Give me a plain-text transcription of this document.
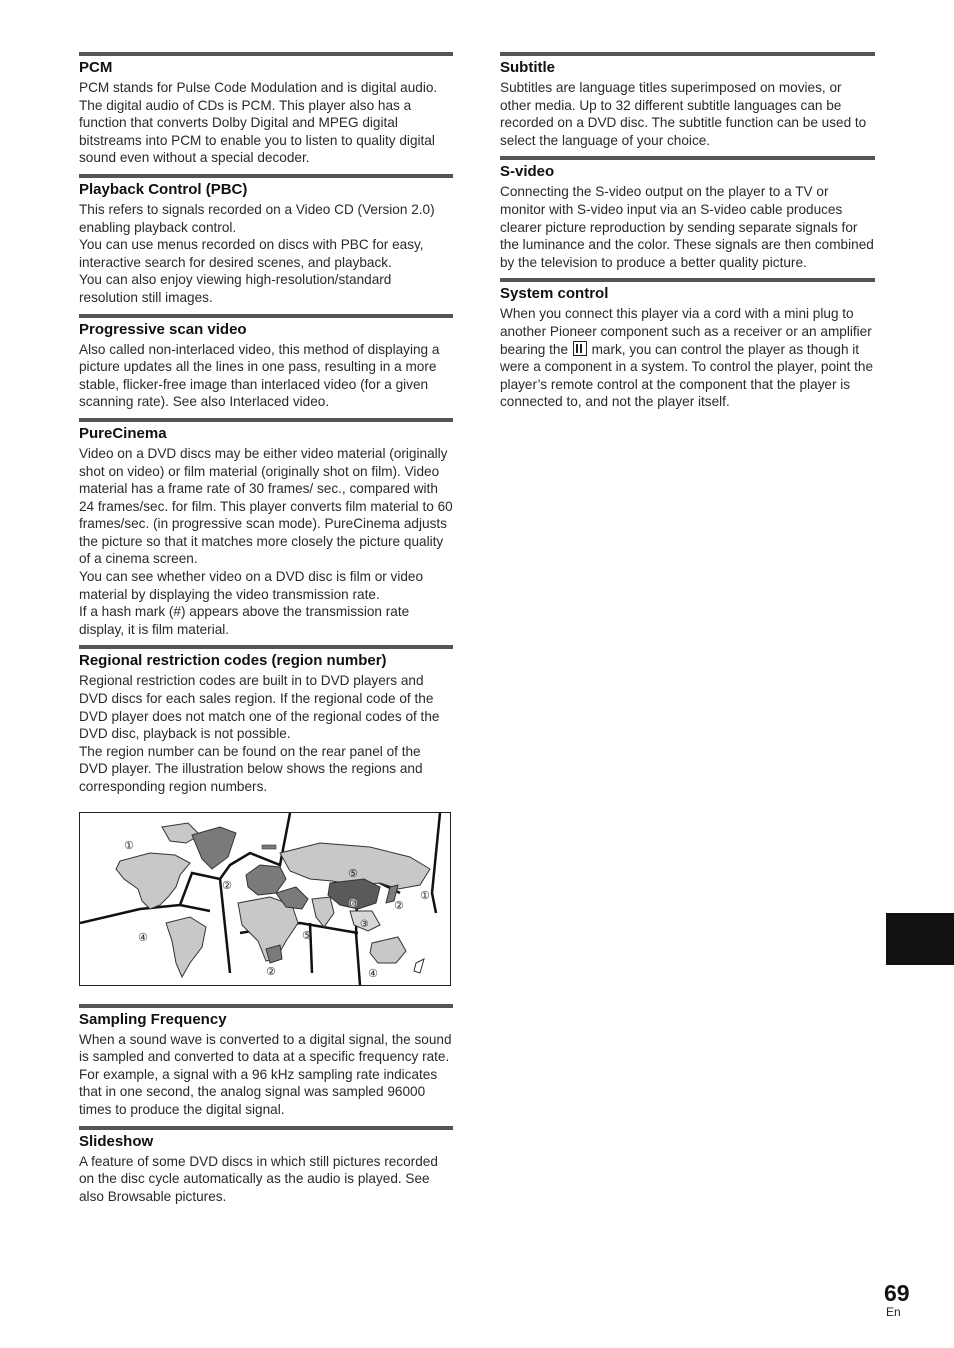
PCM

PCM stands for Pulse Code Modulation and is digital audio. The digital audio of CDs is PCM. This player also has a function that converts Dolby Digital and MPEG digital bitstreams into PCM to enable you to listen to quality digital sound even without a special decoder.

Playback Control (PBC)

This refers to signals recorded on a Video CD (Version 2.0) enabling playback control.

You can use menus recorded on discs with PBC for easy, interactive search for desired scenes, and playback.

You can also enjoy viewing high-resolution/standard resolution still images.

Progressive scan video

Also called non-interlaced video, this method of displaying a picture updates all the lines in one pass, resulting in a more stable, flicker-free image than interlaced video (for a given scanning rate). See also Interlaced video.

PureCinema

Video on a DVD discs may be either video material (originally shot on video) or film material (originally shot on film). Video material has a frame rate of 30 frames/ sec., compared with 24 frames/sec. for film. This player converts film material to 60 frames/sec. (in progressive scan mode). PureCinema adjusts the picture so that it matches more closely the picture quality of a cinema screen.

You can see whether video on a DVD disc is film or video material by displaying the video transmission rate.

If a hash mark (#) appears above the transmission rate display, it is film material.

Regional restriction codes (region number)

Regional restriction codes are built in to DVD players and DVD discs for each sales region. If the regional code of the DVD player does not match one of the regional codes of the DVD disc, playback is not possible.

The region number can be found on the rear panel of the DVD player. The illustration below shows the regions and corresponding region numbers.

①
②
⑤
①
⑥	②
③
④	⑤
②	④
Sampling Frequency

When a sound wave is converted to a digital signal, the sound is sampled and converted to data at a specific frequency rate. For example, a signal with a 96 kHz sampling rate indicates that in one second, the analog signal was sampled 96000 times to produce the digital signal.

Slideshow

A feature of some DVD discs in which still pictures recorded on the disc cycle automatically as the audio is played. See also Browsable pictures.

Subtitle

Subtitles are language titles superimposed on movies, or other media. Up to 32 different subtitle languages can be recorded on a DVD disc. The subtitle function can be used to select the language of your choice.

S-video

Connecting the S-video output on the player to a TV or monitor with S-video input via an S-video cable produces clearer picture reproduction by sending separate signals for the luminance and the color. These signals are then combined by the television to produce a better quality picture.

System control

When you connect this player via a cord with a mini plug to another Pioneer component such as a receiver or an amplifier bearing the mark, you can control the player as though it were a component in a system. To control the player, point the player’s remote control at the component that the player is connected to, and not the player itself.

69
En
